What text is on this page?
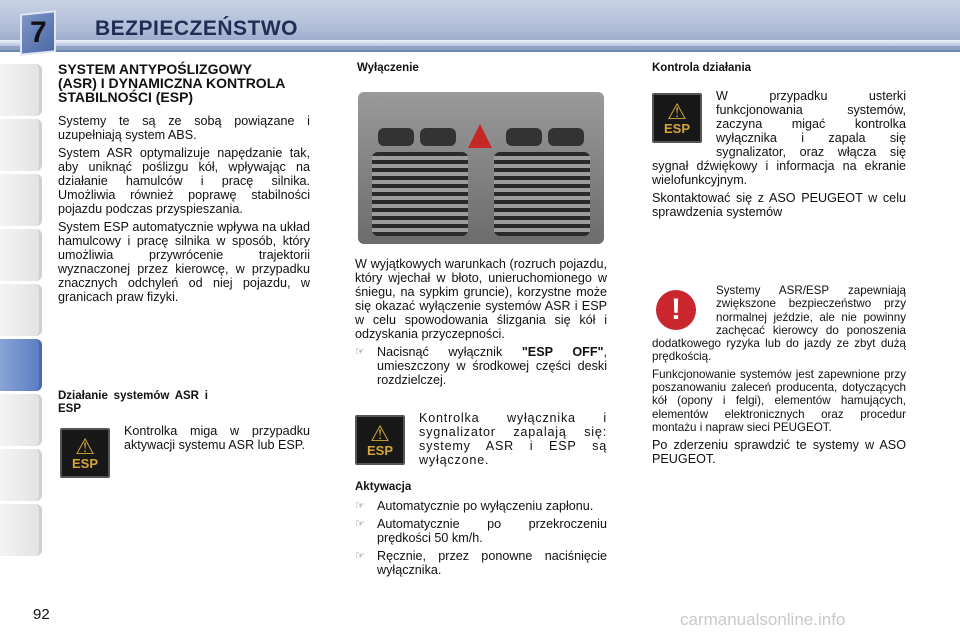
7 BEZPIECZEŃSTWO
SYSTEM ANTYPOŚLIZGOWY (ASR) I DYNAMICZNA KONTROLA STABILNOŚCI (ESP)

Systemy te są ze sobą powiązane i uzupełniają system ABS.

System ASR optymalizuje napędzanie tak, aby uniknąć poślizgu kół, wpływając na działanie hamulców i pracę silnika. Umożliwia również poprawę stabilności pojazdu podczas przyspieszania.

System ESP automatycznie wpływa na układ hamulcowy i pracę silnika w sposób, który umożliwia przywrócenie trajektorii wyznaczonej przez kierowcę, w przypadku znacznych odchyleń od niej pojazdu, w granicach praw fizyki.

Działanie systemów ASR i ESP
⚠
ESP

Kontrolka miga w przypadku aktywacji systemu ASR lub ESP.

Wyłączenie

W wyjątkowych warunkach (rozruch pojazdu, który wjechał w błoto, unieruchomionego w śniegu, na sypkim gruncie), korzystne może się okazać wyłączenie systemów ASR i ESP w celu spowodowania ślizgania się kół i odzyskania przyczepności.

☞ Nacisnąć wyłącznik "ESP OFF", umieszczony w środkowej części deski rozdzielczej.
⚠
ESP

Kontrolka wyłącznika i sygnalizator zapalają się: systemy ASR i ESP są wyłączone.

Aktywacja
☞ Automatycznie po wyłączeniu zapłonu.
☞ Automatycznie po przekroczeniu prędkości 50 km/h.
☞ Ręcznie, przez ponowne naciśnięcie wyłącznika.
Kontrola działania
⚠
ESP

W przypadku usterki funkcjonowania systemów, zaczyna migać kontrolka wyłącznika i zapala się sygnalizator, oraz włącza się sygnał dźwiękowy i informacja na ekranie wielofunkcyjnym.

Skontaktować się z ASO PEUGEOT w celu sprawdzenia systemów

!

Systemy ASR/ESP zapewniają zwiększone bezpieczeństwo przy normalnej jeździe, ale nie powinny zachęcać kierowcy do ponoszenia dodatkowego ryzyka lub do jazdy ze zbyt dużą prędkością.

Funkcjonowanie systemów jest zapewnione przy poszanowaniu zaleceń producenta, dotyczących kół (opony i felgi), elementów hamujących, elementów elektronicznych oraz procedur montażu i napraw sieci PEUGEOT.

Po zderzeniu sprawdzić te systemy w ASO PEUGEOT.

92	carmanualsonline.info
